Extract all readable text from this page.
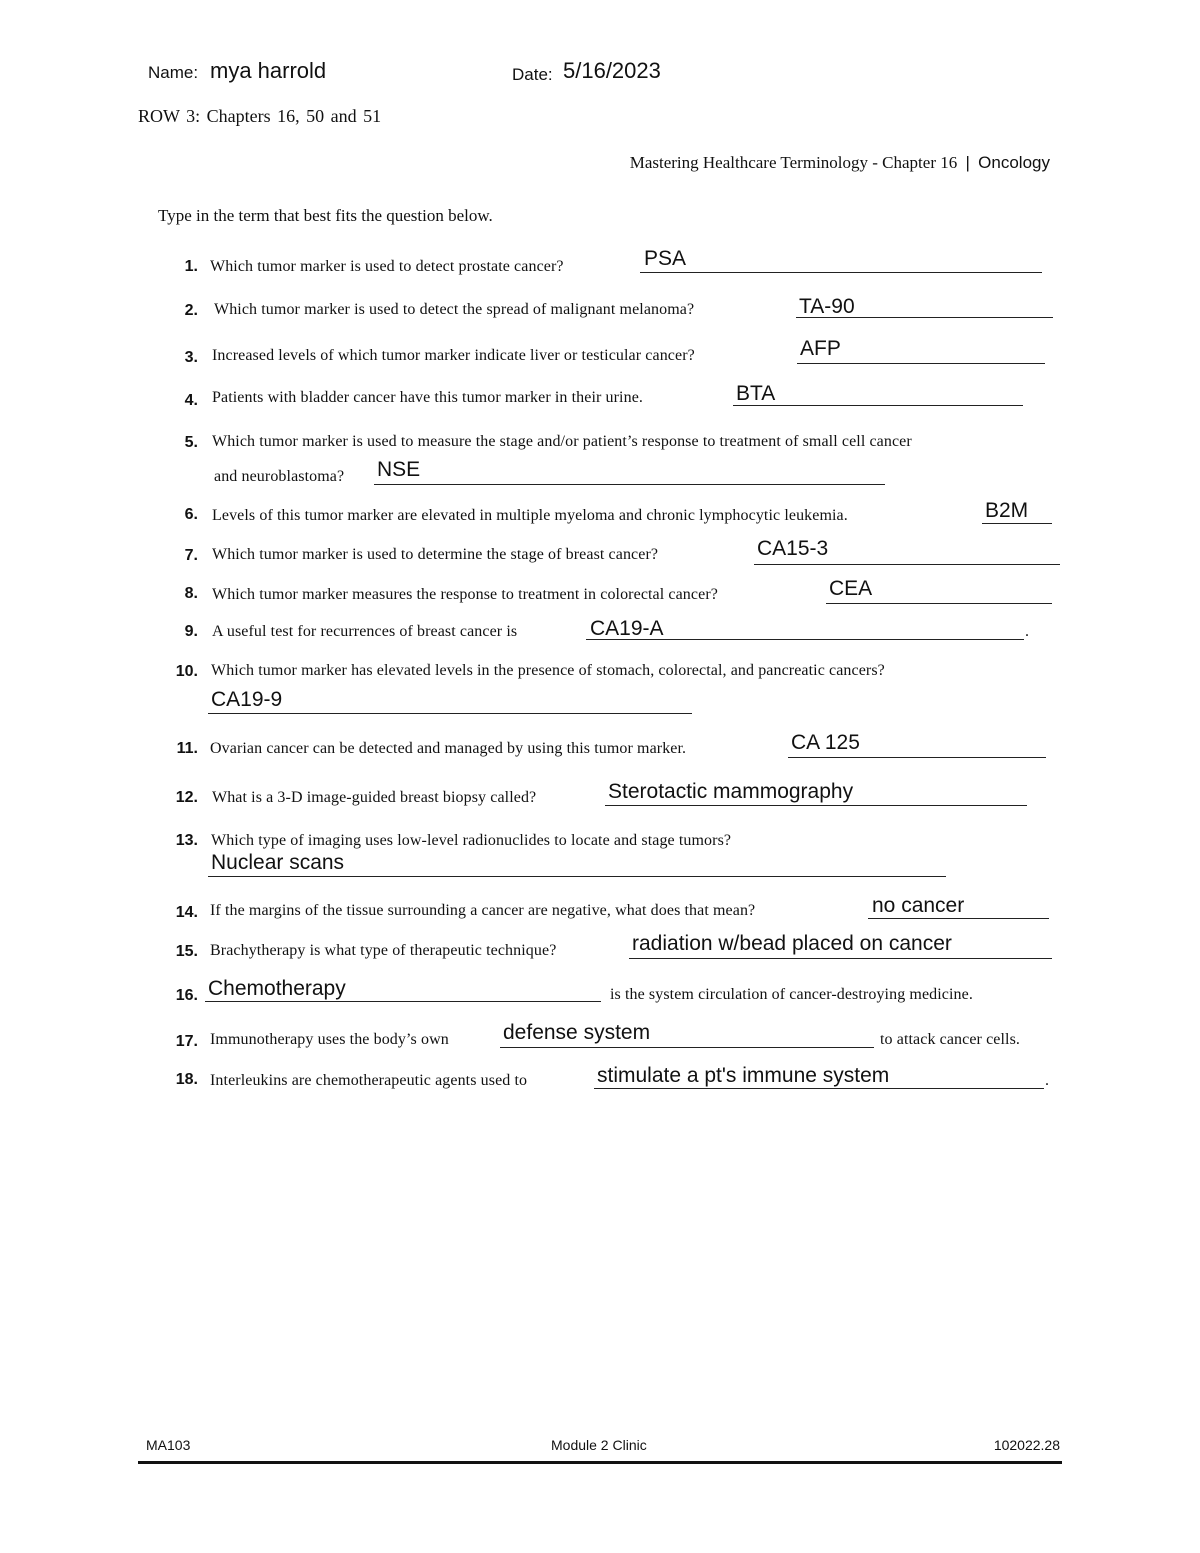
Name: mya harrold	Date: 5/16/2023
ROW 3: Chapters 16, 50 and 51
Mastering Healthcare Terminology - Chapter 16 | Oncology
Type in the term that best fits the question below.
1. Which tumor marker is used to detect prostate cancer?	PSA
2. Which tumor marker is used to detect the spread of malignant melanoma?	TA-90
3. Increased levels of which tumor marker indicate liver or testicular cancer?	AFP
4. Patients with bladder cancer have this tumor marker in their urine.	BTA
5. Which tumor marker is used to measure the stage and/or patient’s response to treatment of small cell cancer
and neuroblastoma? NSE
6. Levels of this tumor marker are elevated in multiple myeloma and chronic lymphocytic leukemia.	B2M
7. Which tumor marker is used to determine the stage of breast cancer?	CA15-3
8. Which tumor marker measures the response to treatment in colorectal cancer?	CEA
9. A useful test for recurrences of breast cancer is	CA19-A	.
10. Which tumor marker has elevated levels in the presence of stomach, colorectal, and pancreatic cancers?
CA19-9
11. Ovarian cancer can be detected and managed by using this tumor marker.	CA 125
12. What is a 3-D image-guided breast biopsy called?	Sterotactic mammography
13. Which type of imaging uses low-level radionuclides to locate and stage tumors?
Nuclear scans
14. If the margins of the tissue surrounding a cancer are negative, what does that mean?	no cancer
15. Brachytherapy is what type of therapeutic technique?	radiation w/bead placed on cancer
16. Chemotherapy	is the system circulation of cancer-destroying medicine.
17. Immunotherapy uses the body’s own	defense system	to attack cancer cells.
18. Interleukins are chemotherapeutic agents used to	stimulate a pt's immune system	.
MA103	Module 2 Clinic	102022.28
